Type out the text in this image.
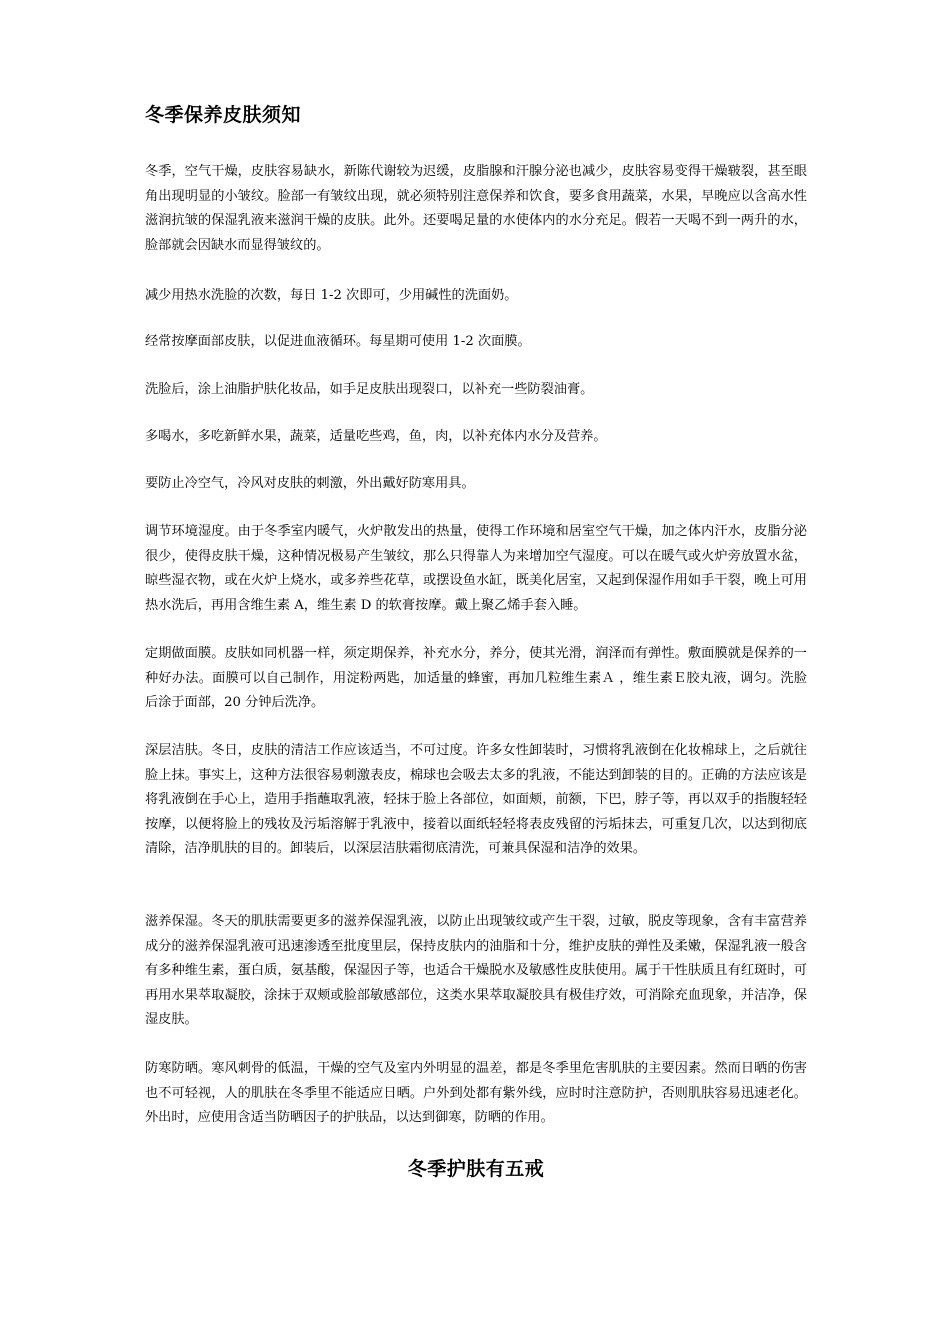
冬季保养皮肤须知

冬季，空气干燥，皮肤容易缺水，新陈代谢较为迟缓，皮脂腺和汗腺分泌也减少，皮肤容易变得干燥皲裂，甚至眼角出现明显的小皱纹。脸部一有皱纹出现，就必须特别注意保养和饮食，要多食用蔬菜，水果，早晚应以含高水性滋润抗皱的保湿乳液来滋润干燥的皮肤。此外。还要喝足量的水使体内的水分充足。假若一天喝不到一两升的水，脸部就会因缺水而显得皱纹的。

减少用热水洗脸的次数，每日 1-2 次即可，少用碱性的洗面奶。

经常按摩面部皮肤，以促进血液循环。每星期可使用 1-2 次面膜。

洗脸后，涂上油脂护肤化妆品，如手足皮肤出现裂口，以补充一些防裂油膏。

多喝水，多吃新鲜水果，蔬菜，适量吃些鸡，鱼，肉，以补充体内水分及营养。

要防止冷空气，冷风对皮肤的刺激，外出戴好防寒用具。

调节环境湿度。由于冬季室内暖气，火炉散发出的热量，使得工作环境和居室空气干燥，加之体内汗水，皮脂分泌很少，使得皮肤干燥，这种情况极易产生皱纹，那么只得靠人为来增加空气湿度。可以在暖气或火炉旁放置水盆，晾些湿衣物，或在火炉上烧水，或多养些花草，或摆设鱼水缸，既美化居室，又起到保湿作用如手干裂，晚上可用热水洗后，再用含维生素 A，维生素 D 的软膏按摩。戴上聚乙烯手套入睡。

定期做面膜。皮肤如同机器一样，须定期保养，补充水分，养分，使其光滑，润泽而有弹性。敷面膜就是保养的一种好办法。面膜可以自己制作，用淀粉两匙，加适量的蜂蜜，再加几粒维生素Ａ ，维生素Ｅ胶丸液，调匀。洗脸后涂于面部，20 分钟后洗净。

深层洁肤。冬日，皮肤的清洁工作应该适当，不可过度。许多女性卸装时，习惯将乳液倒在化妆棉球上，之后就往脸上抹。事实上，这种方法很容易刺激表皮，棉球也会吸去太多的乳液，不能达到卸装的目的。正确的方法应该是将乳液倒在手心上，造用手指蘸取乳液，轻抹于脸上各部位，如面颊，前额，下巴，脖子等，再以双手的指腹轻轻按摩，以便将脸上的残妆及污垢溶解于乳液中，接着以面纸轻轻将表皮残留的污垢抹去，可重复几次，以达到彻底清除，洁净肌肤的目的。卸装后，以深层洁肤霜彻底清洗，可兼具保湿和洁净的效果。

滋养保湿。冬天的肌肤需要更多的滋养保湿乳液，以防止出现皱纹或产生干裂，过敏，脱皮等现象，含有丰富营养成分的滋养保湿乳液可迅速渗透至批度里层，保持皮肤内的油脂和十分，维护皮肤的弹性及柔嫩，保湿乳液一般含有多种维生素，蛋白质，氨基酸，保湿因子等，也适合干燥脱水及敏感性皮肤使用。属于干性肤质且有红斑时，可再用水果萃取凝胶，涂抹于双颊或脸部敏感部位，这类水果萃取凝胶具有极佳疗效，可消除充血现象，并洁净，保湿皮肤。

防寒防晒。寒风刺骨的低温，干燥的空气及室内外明显的温差，都是冬季里危害肌肤的主要因素。然而日晒的伤害也不可轻视，人的肌肤在冬季里不能适应日晒。户外到处都有紫外线，应时时注意防护，否则肌肤容易迅速老化。外出时，应使用含适当防晒因子的护肤品，以达到御寒，防晒的作用。

冬季护肤有五戒
